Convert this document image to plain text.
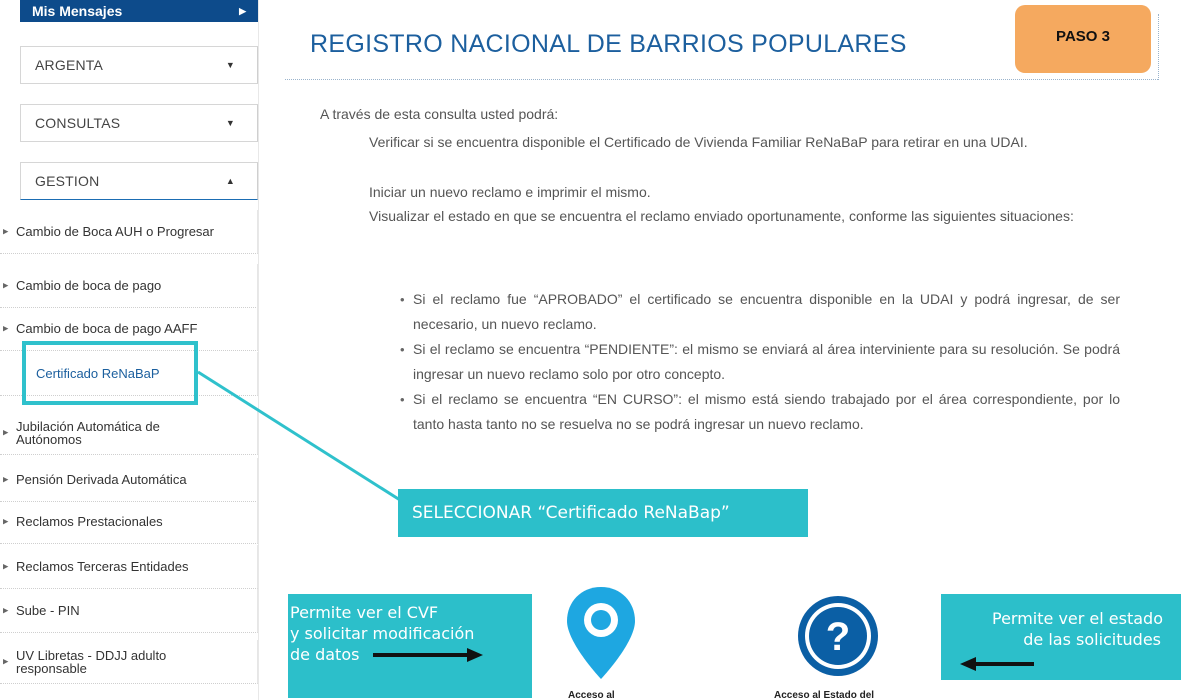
Mis Mensajes	▶
ARGENTA	▼
CONSULTAS	▼
GESTION	▲
▶ Cambio de Boca AUH o Progresar
▶ Cambio de boca de pago
▶ Cambio de boca de pago AAFF
Certificado ReNaBaP
▶ Jubilación Automática de Autónomos
▶ Pensión Derivada Automática
▶ Reclamos Prestacionales
▶ Reclamos Terceras Entidades
▶ Sube - PIN
▶ UV Libretas - DDJJ adulto responsable
REGISTRO NACIONAL DE BARRIOS POPULARES	PASO 3

A través de esta consulta usted podrá:

Verificar si se encuentra disponible el Certificado de Vivienda Familiar ReNaBaP para retirar en una UDAI.

Iniciar un nuevo reclamo e imprimir el mismo.

Visualizar el estado en que se encuentra el reclamo enviado oportunamente, conforme las siguientes situaciones:

• Si el reclamo fue “APROBADO” el certificado se encuentra disponible en la UDAI y podrá ingresar, de ser necesario, un nuevo reclamo.
• Si el reclamo se encuentra “PENDIENTE”: el mismo se enviará al área interviniente para su resolución. Se podrá ingresar un nuevo reclamo solo por otro concepto.
• Si el reclamo se encuentra “EN CURSO”: el mismo está siendo trabajado por el área correspondiente, por lo tanto hasta tanto no se resuelva no se podrá ingresar un nuevo reclamo.
SELECCIONAR “Certificado ReNaBap”
Permite ver el CVF
y solicitar modificación
de datos
Permite ver el estado
de las solicitudes
?
Acceso al	Acceso al Estado del
